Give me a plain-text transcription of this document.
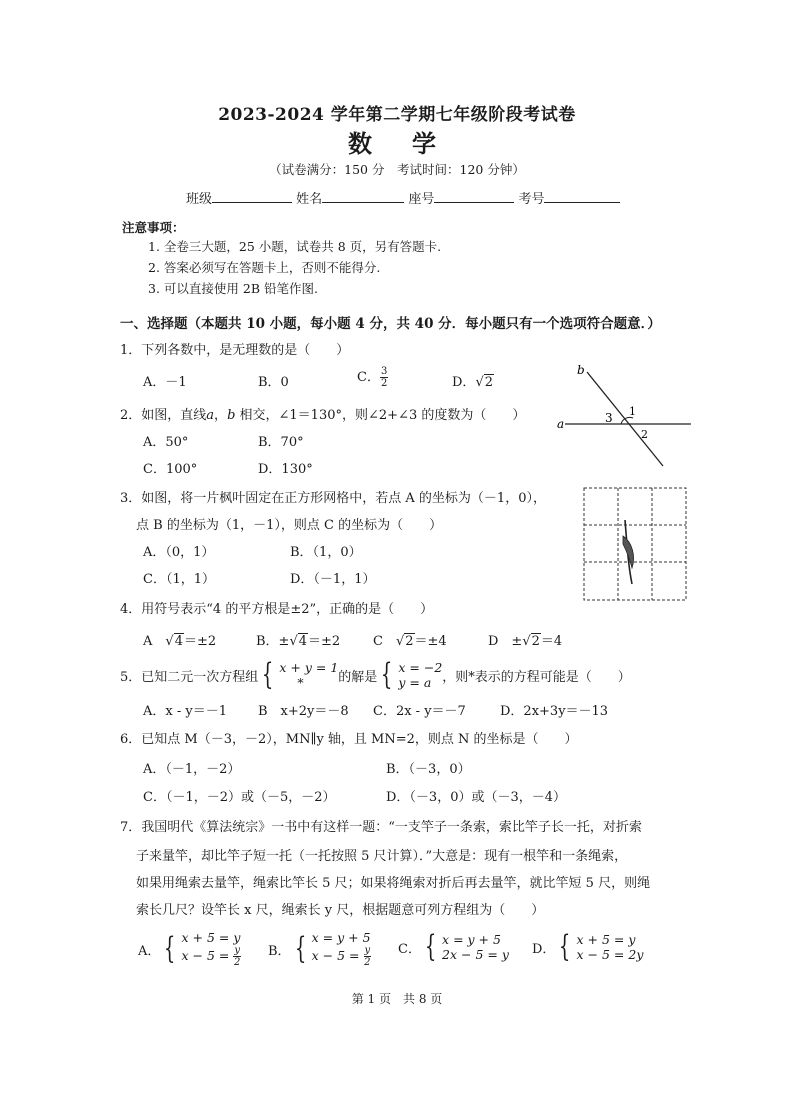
2023-2024 学年第二学期七年级阶段考试卷
数学
（试卷满分：150 分　考试时间：120 分钟）
班级	姓名	座号	考号
注意事项：
1. 全卷三大题，25 小题，试卷共 8 页，另有答题卡.
2. 答案必须写在答题卡上，否则不能得分.
3. 可以直接使用 2B 铅笔作图.
一、选择题（本题共 10 小题，每小题 4 分，共 40 分．每小题只有一个选项符合题意．）
1．下列各数中，是无理数的是（　　）
A．－1	B．0	C． $\frac{3}{2}$	D．√2
2．如图，直线a，b 相交，∠1＝130°，则∠2+∠3 的度数为（　　）
A．50°	B．70°
C．100°	D．130°
b
a
1
2
3
3．如图，将一片枫叶固定在正方形网格中，若点 A 的坐标为（－1，0），
点 B 的坐标为（1，－1），则点 C 的坐标为（　　）
A．（0，1）	B．（1，0）
C．（1，1）	D．（－1，1）
4．用符号表示“4 的平方根是±2”，正确的是（　　）
A　√4＝±2	B．±√4＝±2	C　√2＝±4	D　±√2＝4
5．已知二元一次方程组 { x + y = 1
*	的解是 { x = −2
y = a ，则*表示的方程可能是（　　）
A．x - y＝－1 B　x+2y＝－8 C．2x - y＝－7	D．2x+3y＝－13
6．已知点 M（－3，－2），MN∥y 轴，且 MN=2，则点 N 的坐标是（　　）
A．（－1，－2）	B．（－3，0）
C．（－1，－2）或（－5，－2）	D．（－3，0）或（－3，－4）
7．我国明代《算法统宗》一书中有这样一题：“一支竿子一条索，索比竿子长一托，对折索
子来量竿，却比竿子短一托（一托按照 5 尺计算）．”大意是：现有一根竿和一条绳索，
如果用绳索去量竿，绳索比竿长 5 尺；如果将绳索对折后再去量竿，就比竿短 5 尺，则绳
索长几尺？设竿长 x 尺，绳索长 y 尺，根据题意可列方程组为（　　）
A． { x + 5 = y
$x - 5 = \frac{y}{2}$ B． { x = y + 5
$x - 5 = \frac{y}{2}$ C． { x = y + 5
2x − 5 = y D． { x + 5 = y
x − 5 = 2y
第 1 页　共 8 页
